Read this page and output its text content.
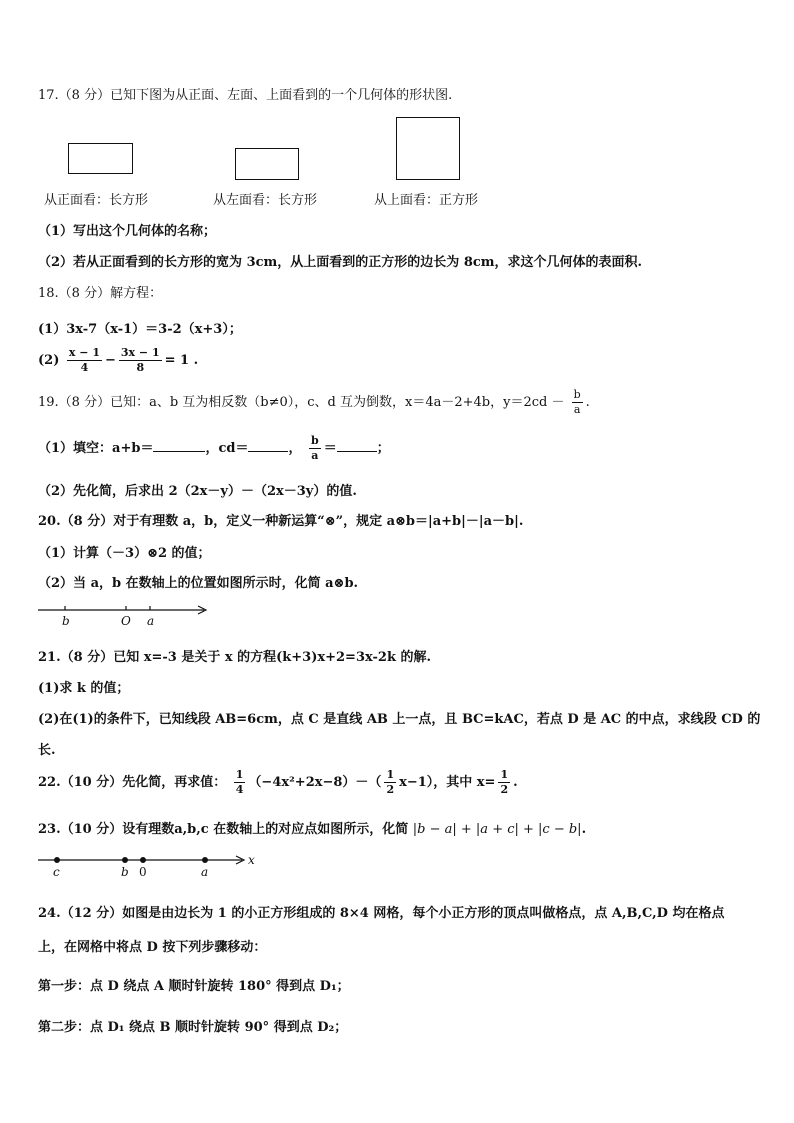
17.（8 分）已知下图为从正面、左面、上面看到的一个几何体的形状图.
从正面看：长方形	从左面看：长方形	从上面看：正方形
（1）写出这个几何体的名称；
（2）若从正面看到的长方形的宽为 3cm，从上面看到的正方形的边长为 8cm，求这个几何体的表面积.
18.（8 分）解方程：
(1）3x-7（x-1）＝3-2（x+3）；
$(2) \frac{x - 1}{4} - \frac{3x - 1}{8} = 1$ .
19.（8 分）已知：a、b 互为相反数（b≠0），c、d 互为倒数，x＝4a－2+4b，$y=2cd - \frac{b}{a}$ .
（1）填空：a+b＝	，cd＝	， $\frac{b}{a}$ ＝	；
（2）先化简，后求出 2（2x－y）－（2x－3y）的值.
20.（8 分）对于有理数 a，b，定义一种新运算“⊗”，规定 a⊗b＝|a+b|－|a－b|.
（1）计算（－3）⊗2 的值；
（2）当 a，b 在数轴上的位置如图所示时，化简 a⊗b.
b	O a
21.（8 分）已知 x=-3 是关于 x 的方程(k+3)x+2=3x-2k 的解.
(1)求 k 的值；
(2)在(1)的条件下，已知线段 AB=6cm，点 C 是直线 AB 上一点，且 BC=kAC，若点 D 是 AC 的中点，求线段 CD 的
长.
22.（10 分）先化简，再求值： $\frac{1}{4} (-4x^2+2x-8)-( \frac{1}{2} x-1)$，其中 $x= \frac{1}{2}$ .
23.（10 分）设有理数a,b,c 在数轴上的对应点如图所示，化简 |b − a| + |a + c| + |c − b|.
c	b 0	a
x
24.（12 分）如图是由边长为 1 的小正方形组成的 8×4 网格，每个小正方形的顶点叫做格点，点 A,B,C,D 均在格点
上，在网格中将点 D 按下列步骤移动：
第一步：点 D 绕点 A 顺时针旋转 180° 得到点 D₁；
第二步：点 D₁ 绕点 B 顺时针旋转 90° 得到点 D₂；
